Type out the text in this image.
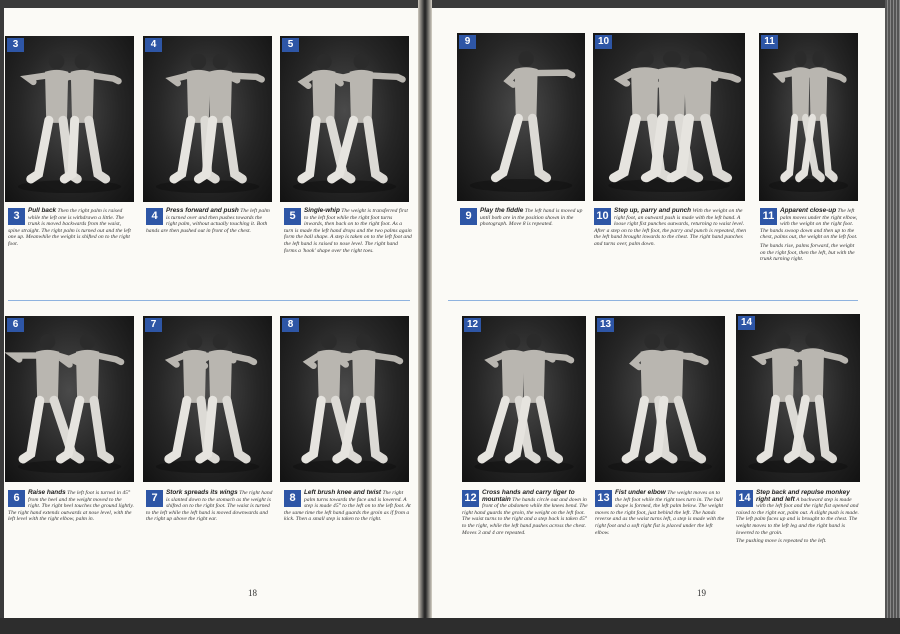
18	19
3

3	Pull back Then the right palm is raised while the left one is withdrawn a little. The trunk is moved backwards from the waist, spine straight. The right palm is turned out and the left one up. Meanwhile the weight is shifted on to the right foot.

4

4	Press forward and push The left palm is turned over and then pushes towards the right palm, without actually touching it. Both hands are then pushed out in front of the chest.

5

5	Single-whip The weight is transferred first to the left foot while the right foot turns inwards, then back on to the right foot. As a turn is made the left hand drops and the two palms again form the ball shape. A step is taken on to the left foot and the left hand is raised to nose level. The right hand forms a 'hook' shape over the right toes.

6

6	Raise hands The left foot is turned in 45° from the heel and the weight moved to the right. The right heel touches the ground lightly. The right hand extends outwards at nose level, with the left level with the right elbow, palm in.

7

7	Stork spreads its wings The right hand is slanted down to the stomach as the weight is shifted on to the right foot. The waist is turned to the left while the left hand is moved downwards and the right up above the right ear.

8

8	Left brush knee and twist The right palm turns towards the face and is lowered. A step is made 45° to the left on to the left foot. At the same time the left hand guards the groin as if from a kick. Then a small step is taken to the right.

9

9	Play the fiddle The left hand is moved up until both are in the position shown in the photograph. Move 8 is repeated.

10

10 Step up, parry and punch With the weight on the right foot, an outward push is made with the left hand. A loose right fist punches outwards, returning to waist level. After a step on to the left foot, the parry and punch is repeated, then the left hand brought inwards to the chest. The right hand punches and turns over, palm down.

11

11 Apparent close-up The left palm moves under the right elbow, with the weight on the right foot. The hands swoop down and then up to the chest, palms out, the weight on the left foot.

The hands rise, palms forward, the weight on the right foot, then the left, but with the trunk turning right.

12

12 Cross hands and carry tiger to mountain The hands circle out and down in front of the abdomen while the knees bend. The right hand guards the groin, the weight on the left foot. The waist turns to the right and a step back is taken 45° to the right, while the left hand pushes across the chest. Moves 3 and 4 are repeated.

13

13 Fist under elbow The weight moves on to the left foot while the right toes turn in. The bull shape is formed, the left palm below. The weight moves to the right foot, just behind the left. The hands reverse and as the waist turns left, a step is made with the right foot and a soft right fist is placed under the left elbow.

14

14 Step back and repulse monkey right and left A backward step is made with the left foot and the right fist opened and raised to the right ear, palm out. A slight push is made. The left palm faces up and is brought to the chest. The weight moves to the left leg and the right hand is lowered to the groin.

The pushing move is repeated to the left.
